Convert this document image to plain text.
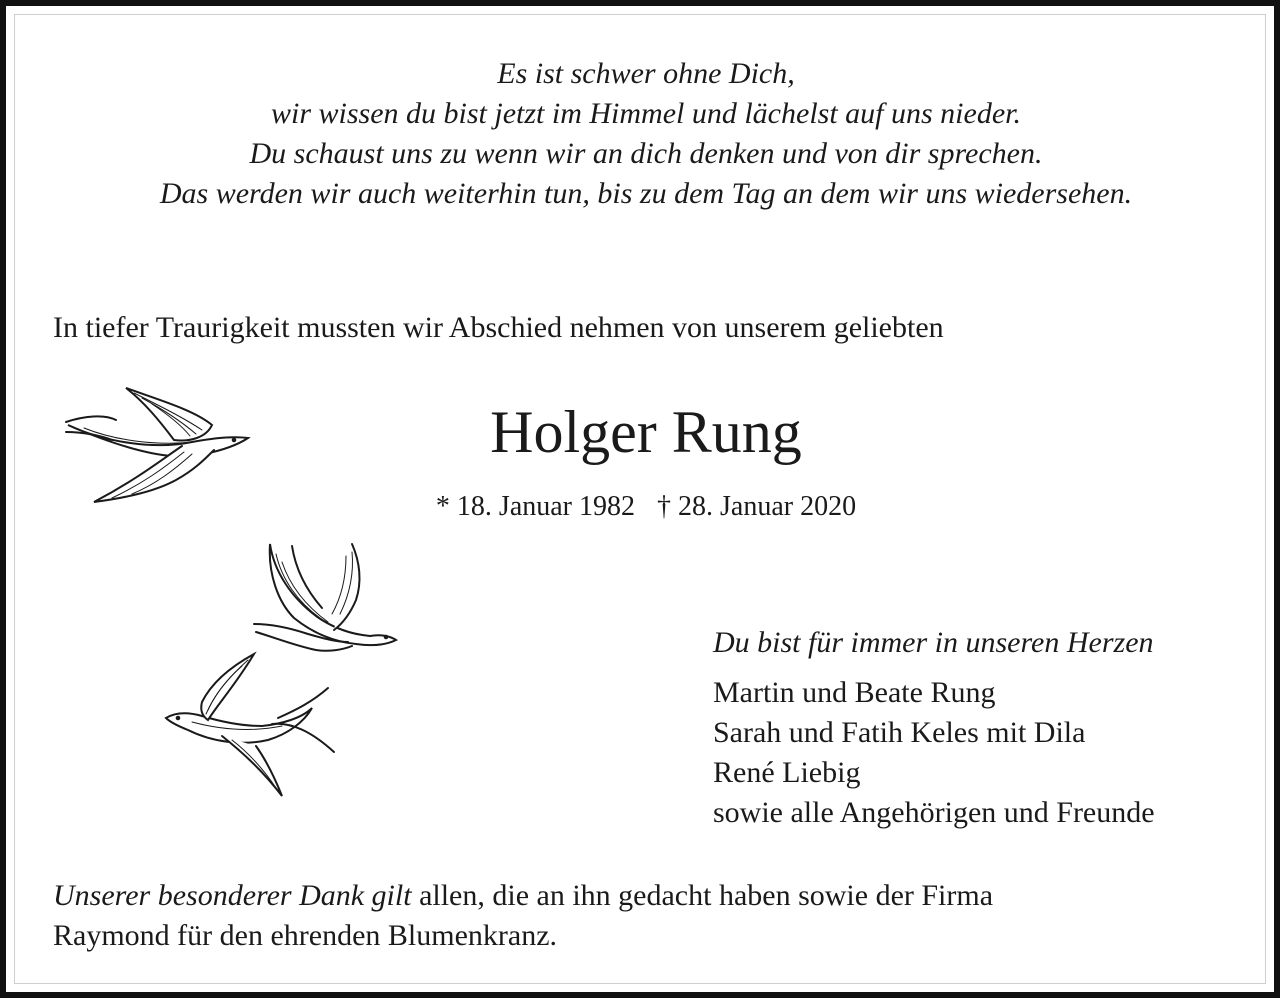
Es ist schwer ohne Dich,
wir wissen du bist jetzt im Himmel und lächelst auf uns nieder.
Du schaust uns zu wenn wir an dich denken und von dir sprechen.
Das werden wir auch weiterhin tun, bis zu dem Tag an dem wir uns wiedersehen.
In tiefer Traurigkeit mussten wir Abschied nehmen von unserem geliebten
Holger Rung
* 18. Januar 1982 † 28. Januar 2020
Du bist für immer in unseren Herzen
Martin und Beate Rung
Sarah und Fatih Keles mit Dila
René Liebig
sowie alle Angehörigen und Freunde
Unserer besonderer Dank gilt allen, die an ihn gedacht haben sowie der Firma
Raymond für den ehrenden Blumenkranz.
